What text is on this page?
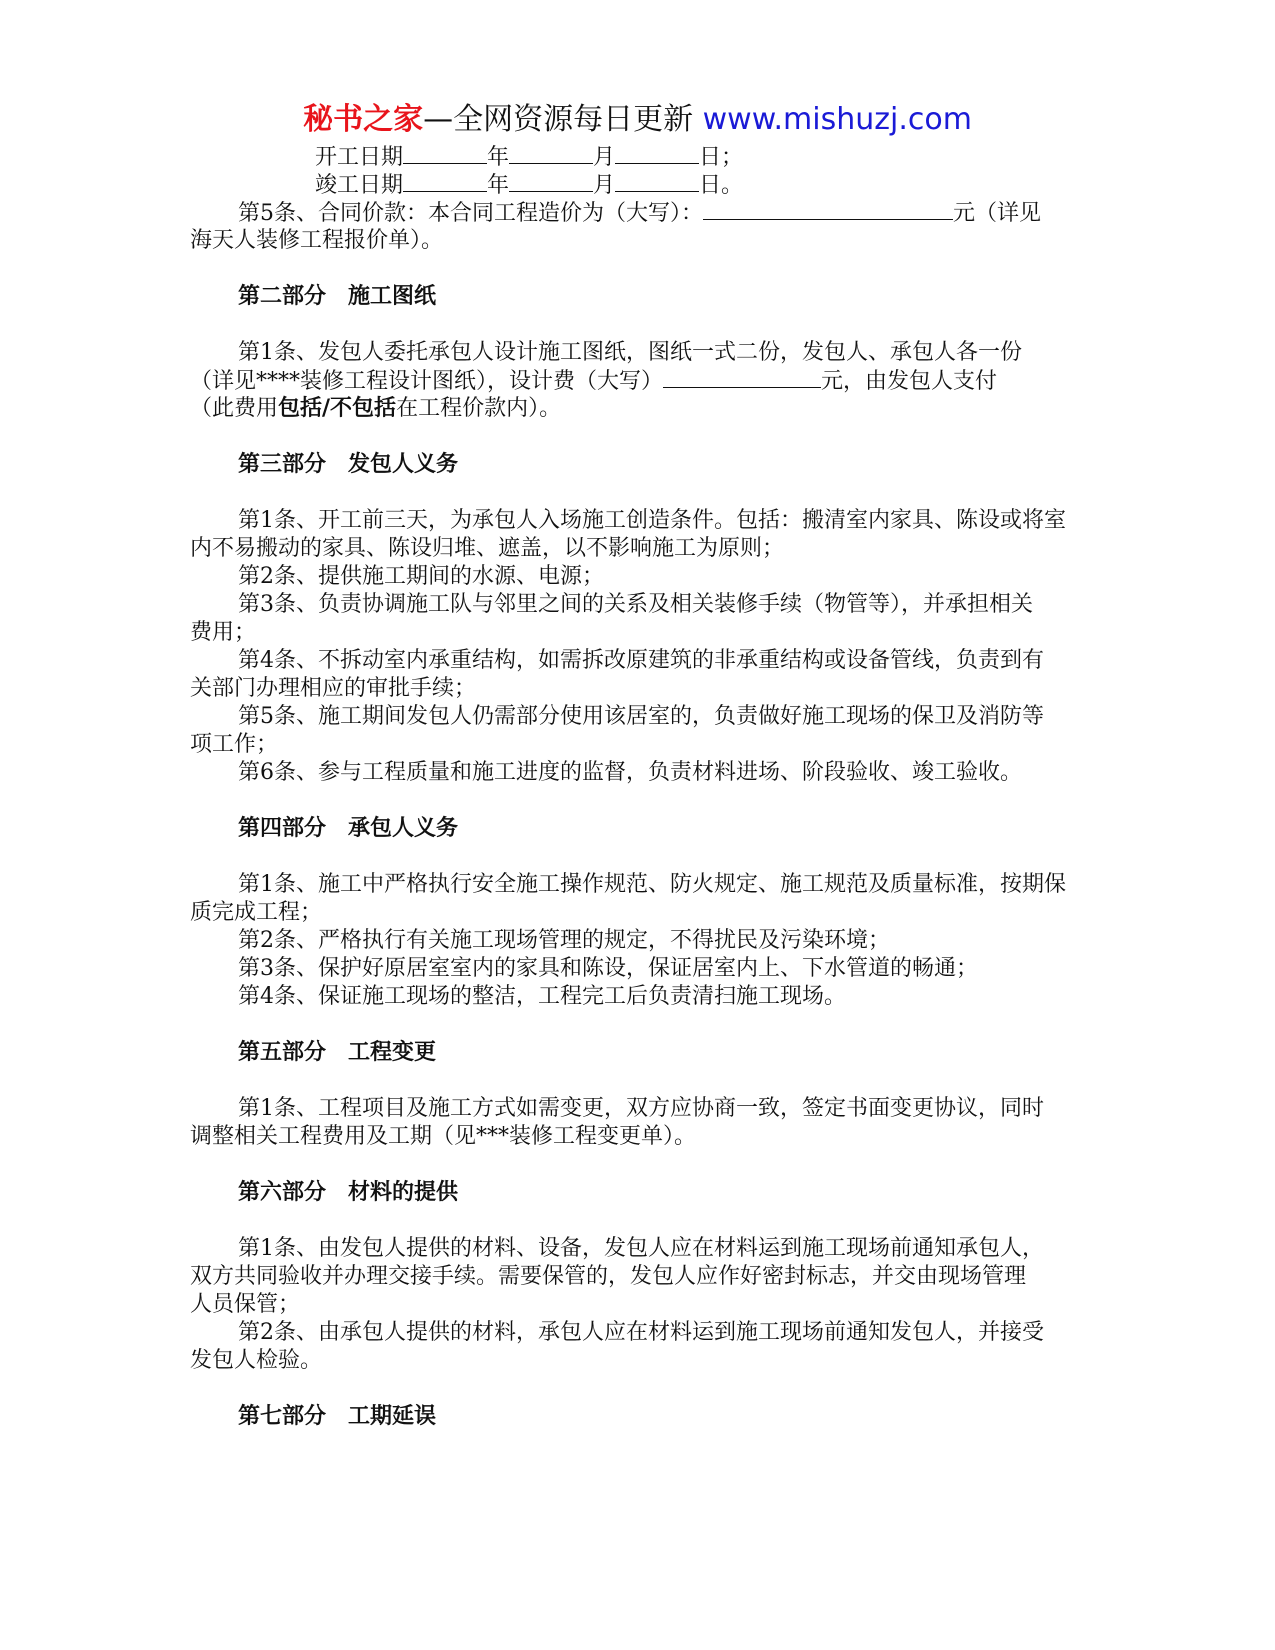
秘书之家—全网资源每日更新 www.mishuzj.com
开工日期	年	月	日；
竣工日期	年	月	日。
第5条、合同价款：本合同工程造价为（大写）：	元（详见
海天人装修工程报价单）。
第二部分　施工图纸
第1条、发包人委托承包人设计施工图纸，图纸一式二份，发包人、承包人各一份
（详见****装修工程设计图纸），设计费（大写）	元，由发包人支付
（此费用包括/不包括在工程价款内）。
第三部分　发包人义务
第1条、开工前三天，为承包人入场施工创造条件。包括：搬清室内家具、陈设或将室
内不易搬动的家具、陈设归堆、遮盖，以不影响施工为原则；
第2条、提供施工期间的水源、电源；
第3条、负责协调施工队与邻里之间的关系及相关装修手续（物管等），并承担相关
费用；
第4条、不拆动室内承重结构，如需拆改原建筑的非承重结构或设备管线，负责到有
关部门办理相应的审批手续；
第5条、施工期间发包人仍需部分使用该居室的，负责做好施工现场的保卫及消防等
项工作；
第6条、参与工程质量和施工进度的监督，负责材料进场、阶段验收、竣工验收。
第四部分　承包人义务
第1条、施工中严格执行安全施工操作规范、防火规定、施工规范及质量标准，按期保
质完成工程；
第2条、严格执行有关施工现场管理的规定，不得扰民及污染环境；
第3条、保护好原居室室内的家具和陈设，保证居室内上、下水管道的畅通；
第4条、保证施工现场的整洁，工程完工后负责清扫施工现场。
第五部分　工程变更
第1条、工程项目及施工方式如需变更，双方应协商一致，签定书面变更协议，同时
调整相关工程费用及工期（见***装修工程变更单）。
第六部分　材料的提供
第1条、由发包人提供的材料、设备，发包人应在材料运到施工现场前通知承包人，
双方共同验收并办理交接手续。需要保管的，发包人应作好密封标志，并交由现场管理
人员保管；
第2条、由承包人提供的材料，承包人应在材料运到施工现场前通知发包人，并接受
发包人检验。
第七部分　工期延误
